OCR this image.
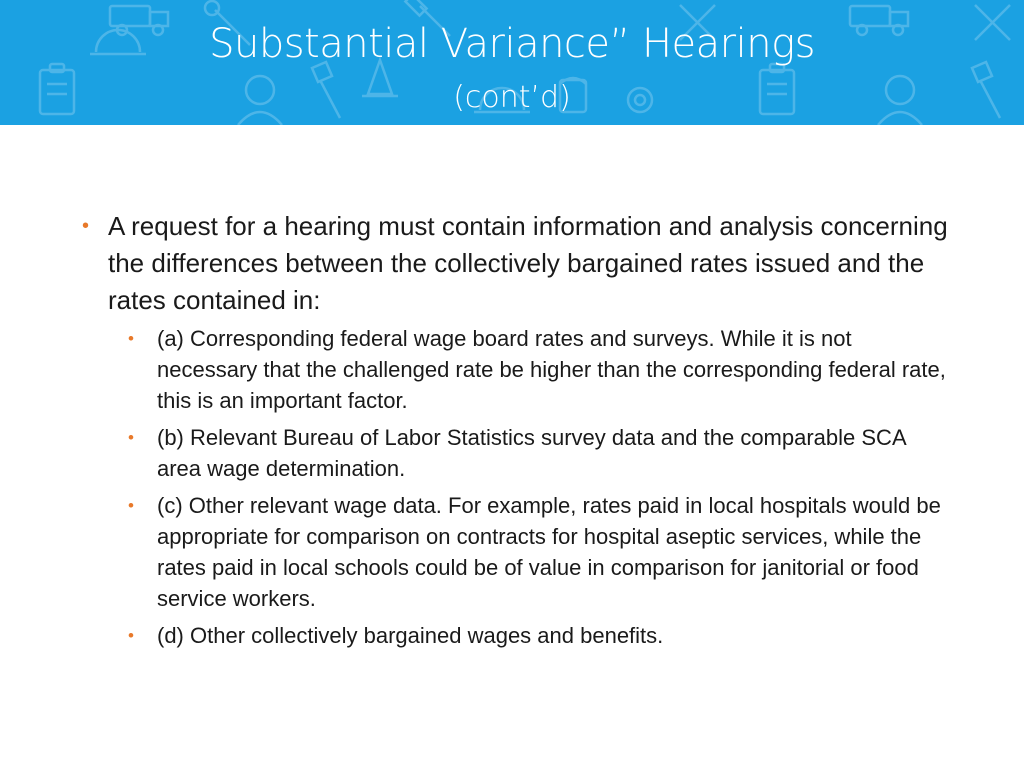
Substantial Variance” Hearings
(cont’d)
• A request for a hearing must contain information and analysis concerning the differences between the collectively bargained rates issued and the rates contained in:
• (a) Corresponding federal wage board rates and surveys. While it is not necessary that the challenged rate be higher than the corresponding federal rate, this is an important factor.
• (b) Relevant Bureau of Labor Statistics survey data and the comparable SCA area wage determination.
• (c) Other relevant wage data. For example, rates paid in local hospitals would be appropriate for comparison on contracts for hospital aseptic services, while the rates paid in local schools could be of value in comparison for janitorial or food service workers.
• (d) Other collectively bargained wages and benefits.
